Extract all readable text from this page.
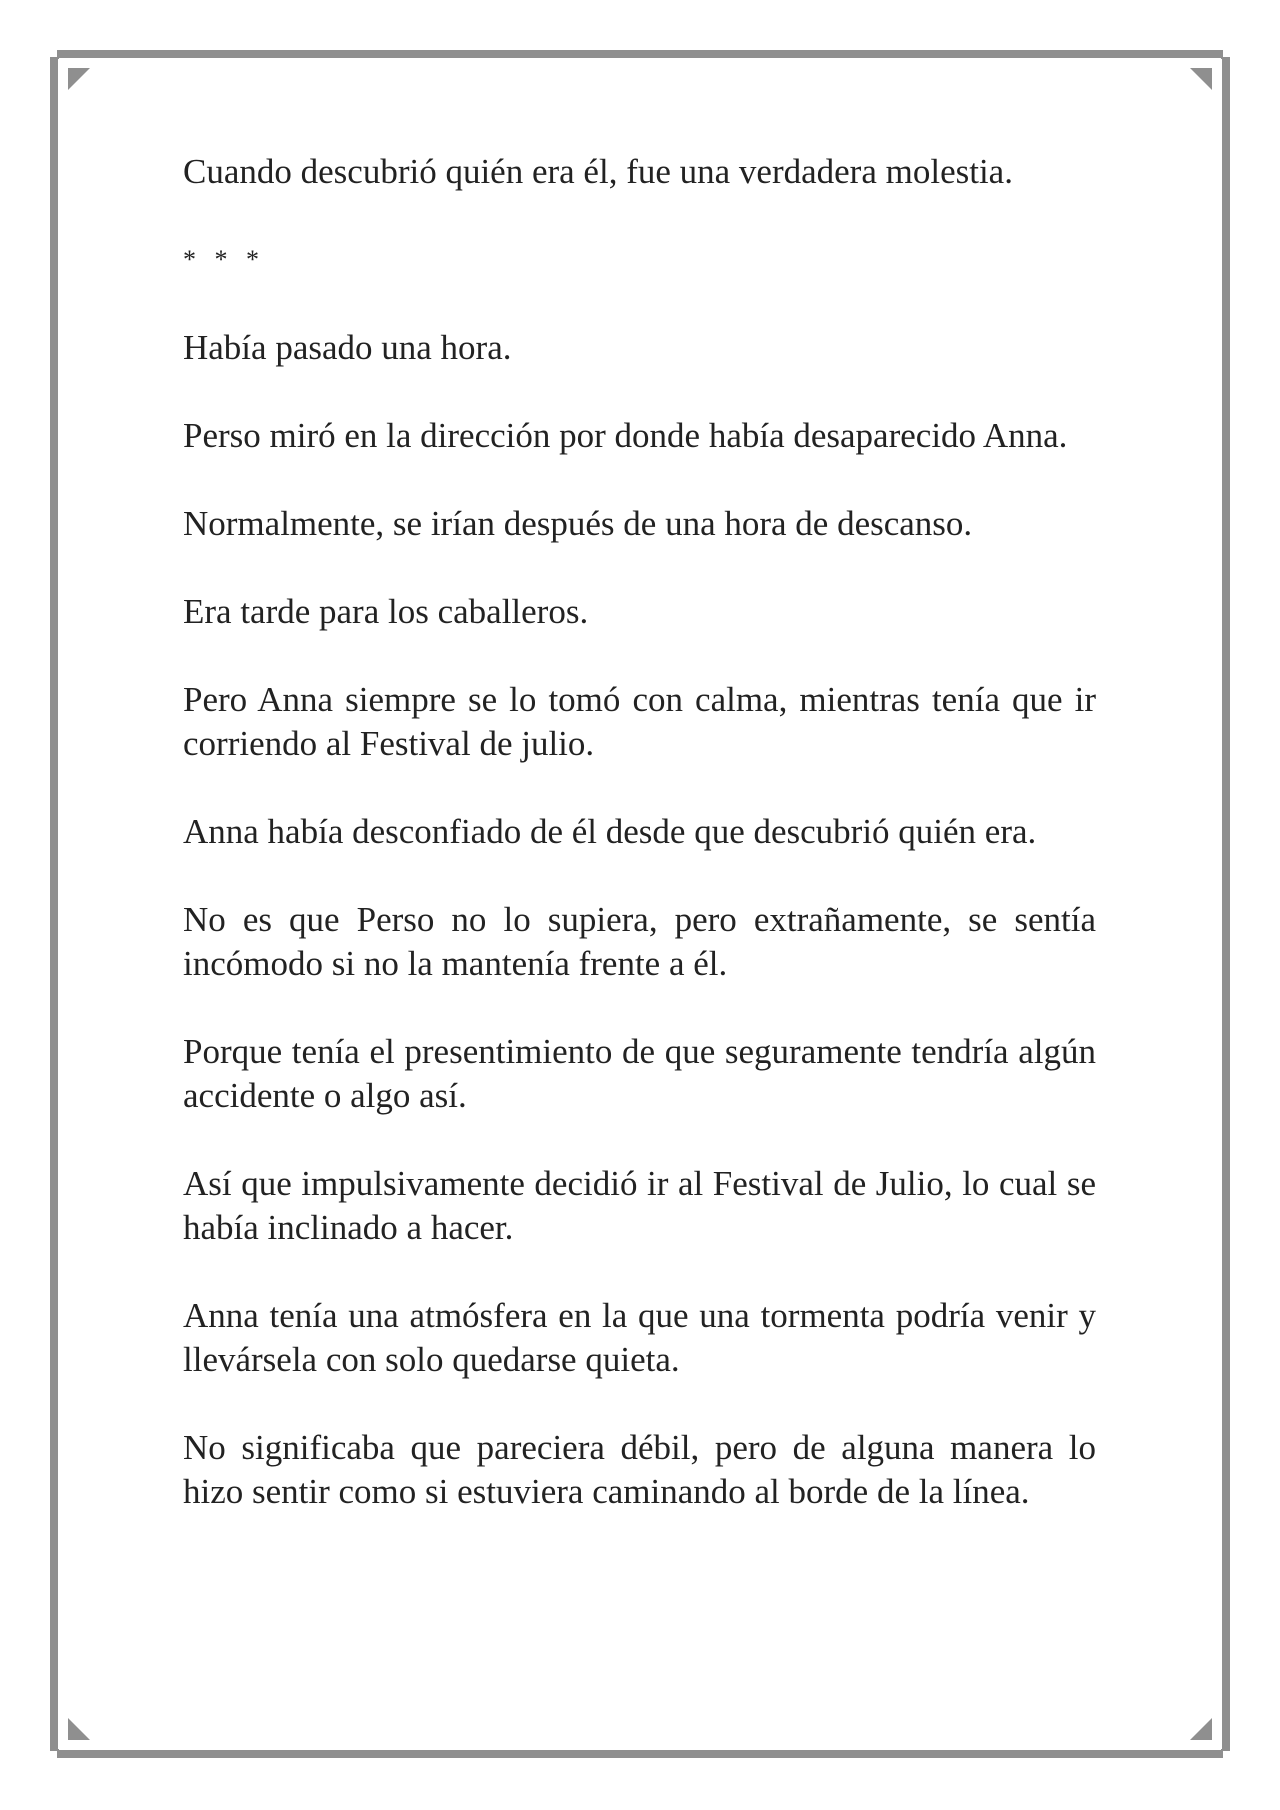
Cuando descubrió quién era él, fue una verdadera molestia.

* * *

Había pasado una hora.

Perso miró en la dirección por donde había desaparecido Anna.

Normalmente, se irían después de una hora de descanso.

Era tarde para los caballeros.

Pero Anna siempre se lo tomó con calma, mientras tenía que ir corriendo al Festival de julio.

Anna había desconfiado de él desde que descubrió quién era.

No es que Perso no lo supiera, pero extrañamente, se sentía incómodo si no la mantenía frente a él.

Porque tenía el presentimiento de que seguramente tendría algún accidente o algo así.

Así que impulsivamente decidió ir al Festival de Julio, lo cual se había inclinado a hacer.

Anna tenía una atmósfera en la que una tormenta podría venir y llevársela con solo quedarse quieta.

No significaba que pareciera débil, pero de alguna manera lo hizo sentir como si estuviera caminando al borde de la línea.
